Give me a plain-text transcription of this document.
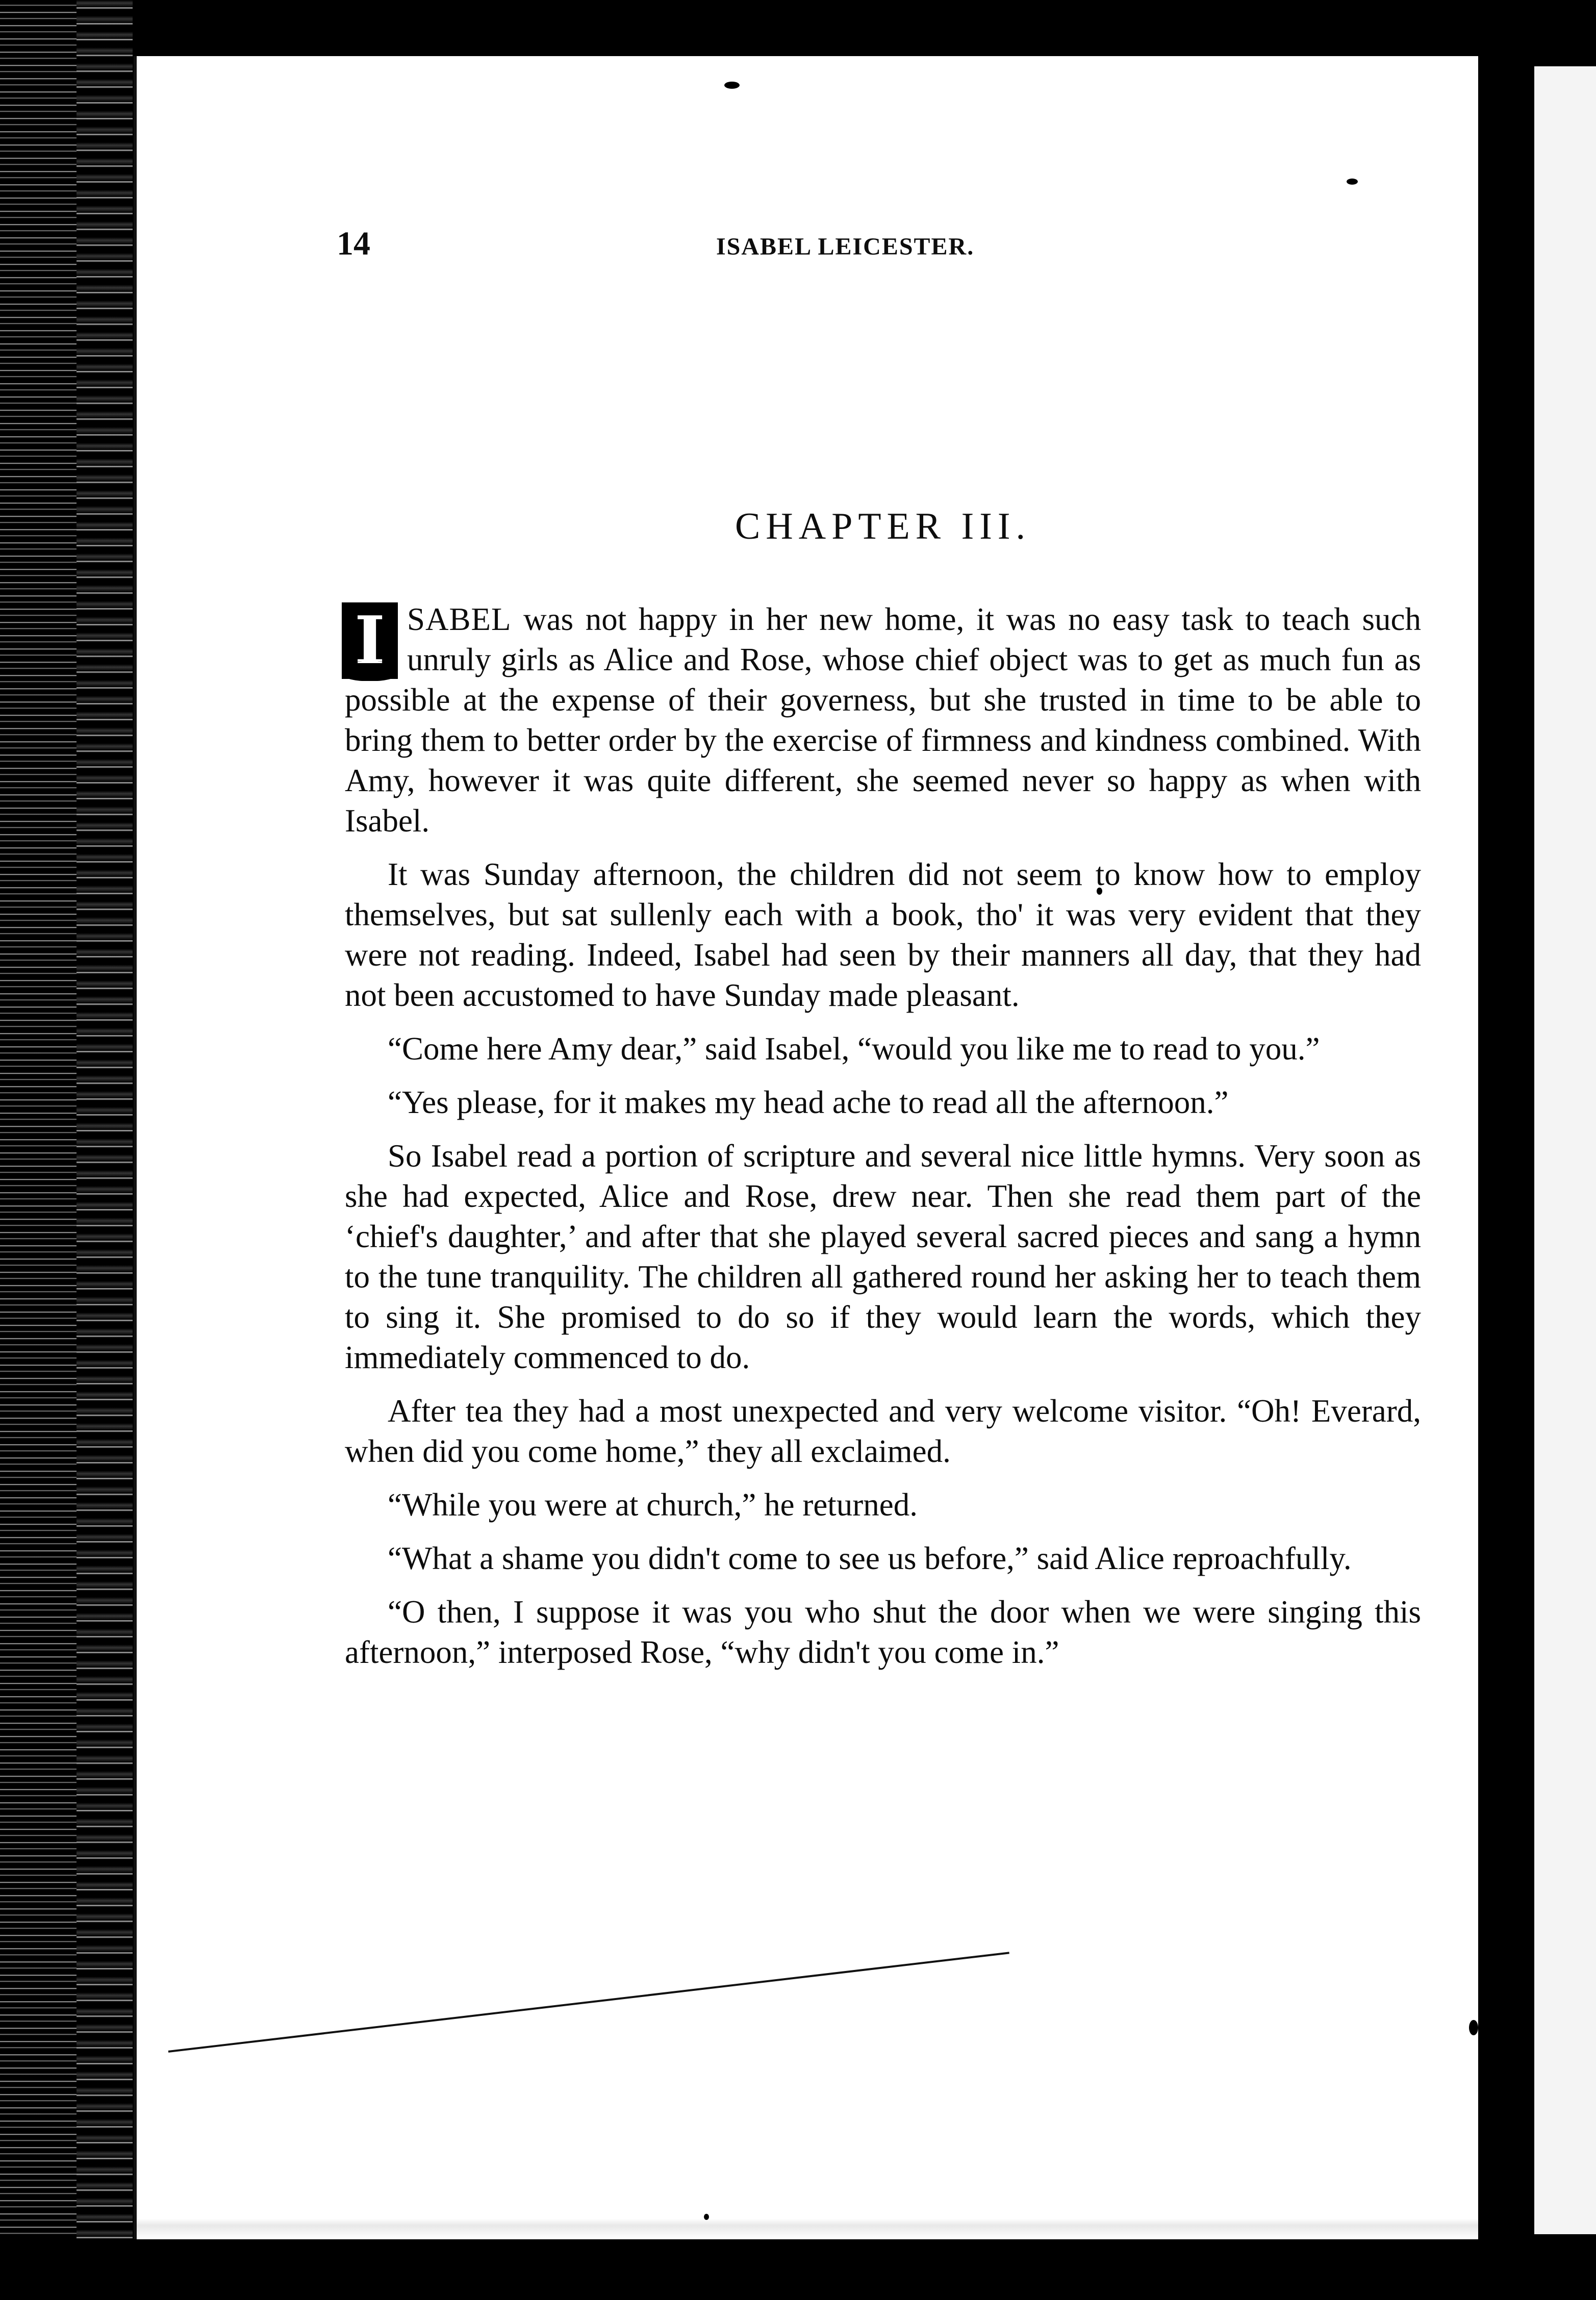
14	ISABEL LEICESTER.
CHAPTER III.

I SABEL was not happy in her new home, it was no easy task to teach such unruly girls as Alice and Rose, whose chief object was to get as much fun as possible at the expense of their governess, but she trusted in time to be able to bring them to better order by the exercise of firmness and kindness combined. With Amy, however it was quite different, she seemed never so happy as when with Isabel.

It was Sunday afternoon, the children did not seem to know how to employ themselves, but sat sullenly each with a book, tho' it was very evident that they were not reading. Indeed, Isabel had seen by their manners all day, that they had not been accustomed to have Sunday made pleasant.

“Come here Amy dear,” said Isabel, “would you like me to read to you.”

“Yes please, for it makes my head ache to read all the afternoon.”

So Isabel read a portion of scripture and several nice little hymns. Very soon as she had expected, Alice and Rose, drew near. Then she read them part of the ‘chief's daughter,’ and after that she played several sacred pieces and sang a hymn to the tune tranquility. The children all gathered round her asking her to teach them to sing it. She promised to do so if they would learn the words, which they immediately commenced to do.

After tea they had a most unexpected and very welcome visitor. “Oh! Everard, when did you come home,” they all exclaimed.

“While you were at church,” he returned.

“What a shame you didn't come to see us before,” said Alice reproachfully.

“O then, I suppose it was you who shut the door when we were singing this afternoon,” interposed Rose, “why didn't you come in.”
